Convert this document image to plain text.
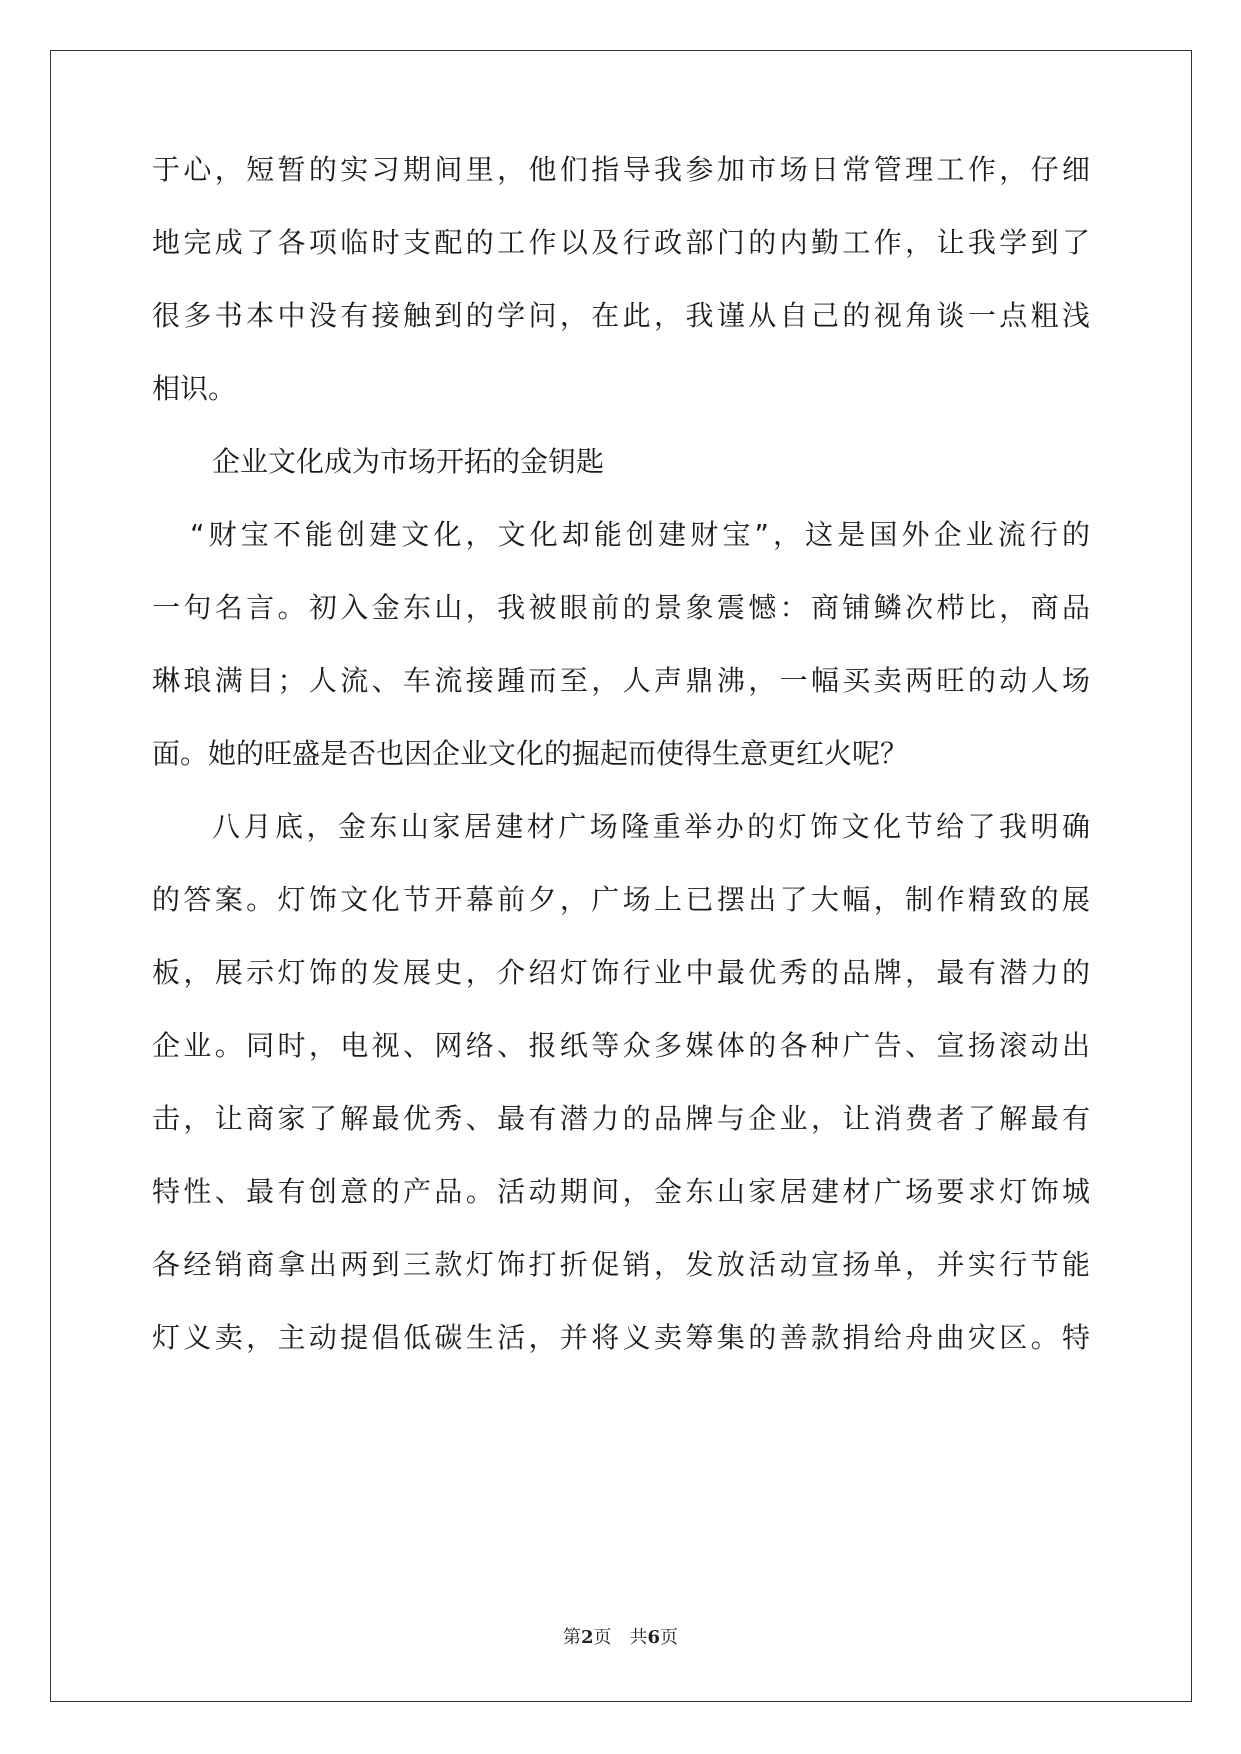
于心，短暂的实习期间里，他们指导我参加市场日常管理工作，仔细
地完成了各项临时支配的工作以及行政部门的内勤工作，让我学到了
很多书本中没有接触到的学问，在此，我谨从自己的视角谈一点粗浅
相识。
企业文化成为市场开拓的金钥匙
“财宝不能创建文化，文化却能创建财宝”，这是国外企业流行的
一句名言。初入金东山，我被眼前的景象震憾：商铺鳞次栉比，商品
琳琅满目；人流、车流接踵而至，人声鼎沸，一幅买卖两旺的动人场
面。她的旺盛是否也因企业文化的掘起而使得生意更红火呢？
八月底，金东山家居建材广场隆重举办的灯饰文化节给了我明确
的答案。灯饰文化节开幕前夕，广场上已摆出了大幅，制作精致的展
板，展示灯饰的发展史，介绍灯饰行业中最优秀的品牌，最有潜力的
企业。同时，电视、网络、报纸等众多媒体的各种广告、宣扬滚动出
击，让商家了解最优秀、最有潜力的品牌与企业，让消费者了解最有
特性、最有创意的产品。活动期间，金东山家居建材广场要求灯饰城
各经销商拿出两到三款灯饰打折促销，发放活动宣扬单，并实行节能
灯义卖，主动提倡低碳生活，并将义卖筹集的善款捐给舟曲灾区。特
第2页 共6页
